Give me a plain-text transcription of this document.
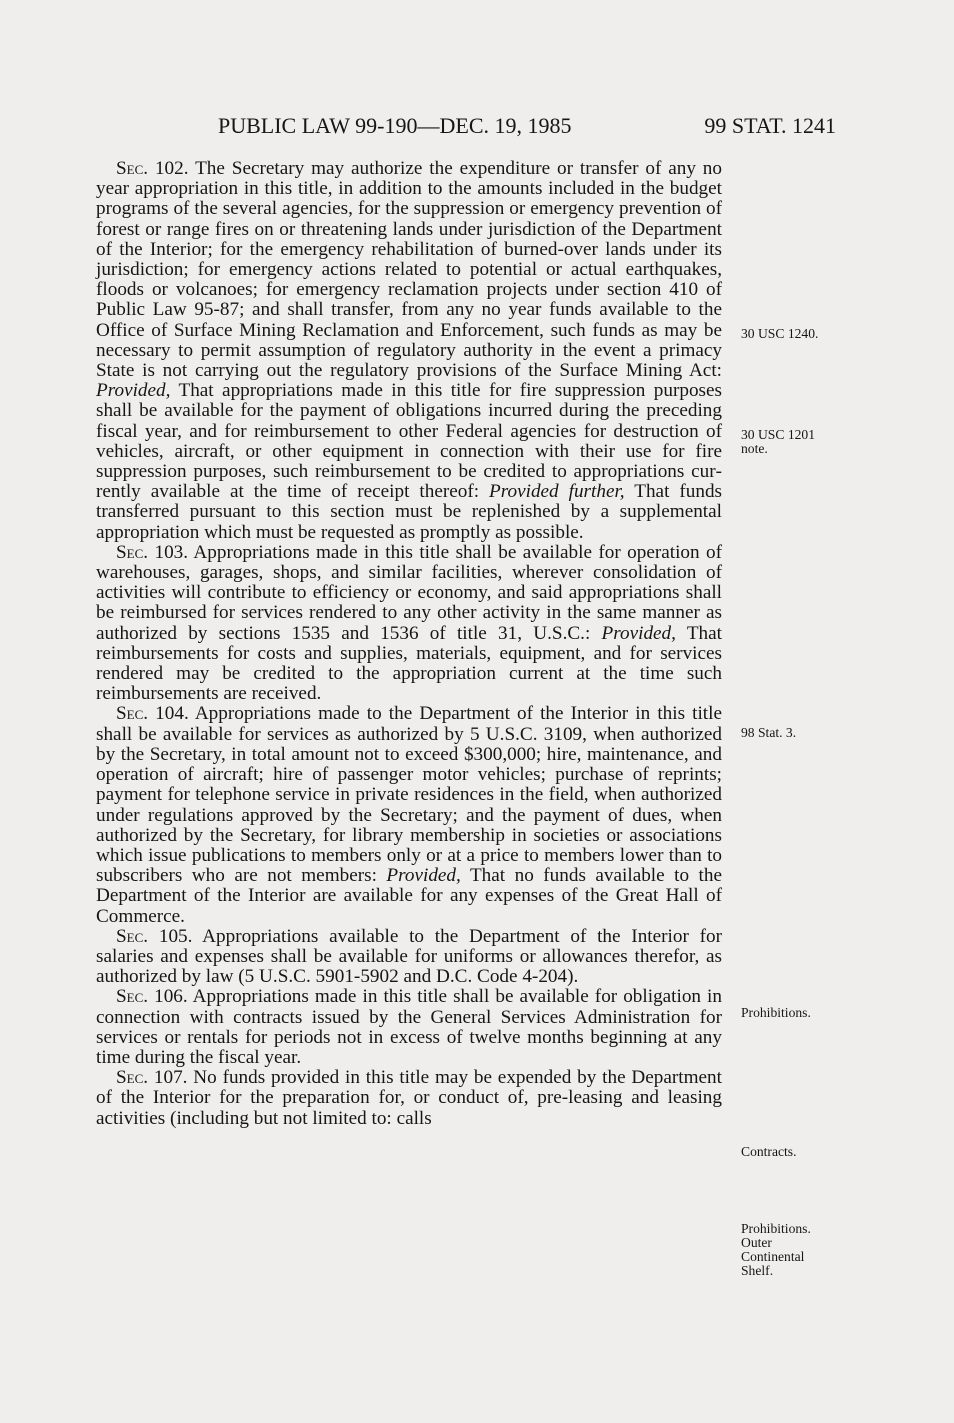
PUBLIC LAW 99-190—DEC. 19, 1985	99 STAT. 1241

Sec. 102. The Secretary may authorize the expenditure or transfer of any no year appropriation in this title, in addition to the amounts included in the budget programs of the several agencies, for the suppression or emergency prevention of forest or range fires on or threatening lands under jurisdiction of the Department of the Interior; for the emergency rehabilitation of burned-over lands under its jurisdiction; for emergency actions related to potential or actual earthquakes, floods or volcanoes; for emergency reclamation projects under section 410 of Public Law 95-87; and shall transfer, from any no year funds available to the Office of Surface Mining Reclamation and Enforcement, such funds as may be necessary to permit assumption of regulatory authority in the event a primacy State is not carrying out the regulatory provisions of the Surface Mining Act: Provided, That appropriations made in this title for fire suppression purposes shall be available for the payment of obligations incurred during the preceding fiscal year, and for reimbursement to other Federal agencies for destruction of vehicles, aircraft, or other equipment in connection with their use for fire suppression purposes, such reimbursement to be credited to appropriations currently available at the time of receipt thereof: Provided further, That funds transferred pursuant to this section must be replenished by a supplemental appropriation which must be requested as promptly as possible.

Sec. 103. Appropriations made in this title shall be available for operation of warehouses, garages, shops, and similar facilities, wherever consolidation of activities will contribute to efficiency or economy, and said appropriations shall be reimbursed for services rendered to any other activity in the same manner as authorized by sections 1535 and 1536 of title 31, U.S.C.: Provided, That reimbursements for costs and supplies, materials, equipment, and for services rendered may be credited to the appropriation current at the time such reimbursements are received.

Sec. 104. Appropriations made to the Department of the Interior in this title shall be available for services as authorized by 5 U.S.C. 3109, when authorized by the Secretary, in total amount not to exceed $300,000; hire, maintenance, and operation of aircraft; hire of passenger motor vehicles; purchase of reprints; payment for telephone service in private residences in the field, when authorized under regulations approved by the Secretary; and the payment of dues, when authorized by the Secretary, for library membership in societies or associations which issue publications to members only or at a price to members lower than to subscribers who are not members: Provided, That no funds available to the Department of the Interior are available for any expenses of the Great Hall of Commerce.

Sec. 105. Appropriations available to the Department of the Interior for salaries and expenses shall be available for uniforms or allowances therefor, as authorized by law (5 U.S.C. 5901-5902 and D.C. Code 4-204).

Sec. 106. Appropriations made in this title shall be available for obligation in connection with contracts issued by the General Services Administration for services or rentals for periods not in excess of twelve months beginning at any time during the fiscal year.

Sec. 107. No funds provided in this title may be expended by the Department of the Interior for the preparation for, or conduct of, pre-leasing and leasing activities (including but not limited to: calls

30 USC 1240.
30 USC 1201
note.
98 Stat. 3.
Prohibitions.
Contracts.
Prohibitions.
Outer
Continental
Shelf.
